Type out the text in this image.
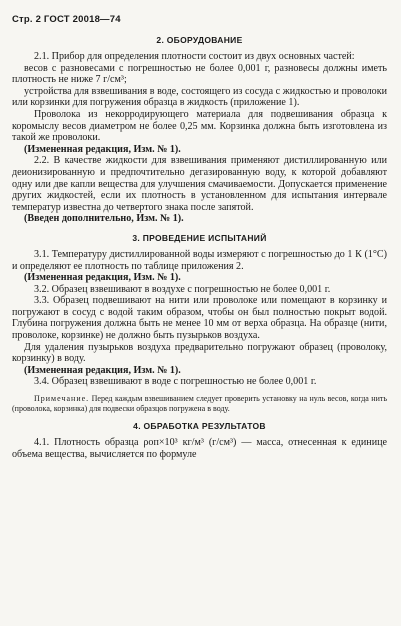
Стр. 2 ГОСТ 20018—74
2. ОБОРУДОВАНИЕ

2.1. Прибор для определения плотности состоит из двух основных частей:

весов с разновесами с погрешностью не более 0,001 г, разновесы должны иметь плотность не ниже 7 г/см³;

устройства для взвешивания в воде, состоящего из сосуда с жидкостью и проволоки или корзинки для погружения образца в жидкость (приложение 1).

Проволока из некорродирующего материала для подвешивания образца к коромыслу весов диаметром не более 0,25 мм. Корзинка должна быть изготовлена из такой же проволоки.

(Измененная редакция, Изм. № 1).

2.2. В качестве жидкости для взвешивания применяют дистиллированную или деионизированную и предпочтительно дегазированную воду, к которой добавляют одну или две капли вещества для улучшения смачиваемости. Допускается применение других жидкостей, если их плотность в установленном для испытания интервале температур известна до четвертого знака после запятой.

(Введен дополнительно, Изм. № 1).

3. ПРОВЕДЕНИЕ ИСПЫТАНИЙ

3.1. Температуру дистиллированной воды измеряют с погрешностью до 1 К (1°С) и определяют ее плотность по таблице приложения 2.

(Измененная редакция, Изм. № 1).

3.2. Образец взвешивают в воздухе с погрешностью не более 0,001 г.

3.3. Образец подвешивают на нити или проволоке или помещают в корзинку и погружают в сосуд с водой таким образом, чтобы он был полностью покрыт водой. Глубина погружения должна быть не менее 10 мм от верха образца. На образце (нити, проволоке, корзинке) не должно быть пузырьков воздуха.

Для удаления пузырьков воздуха предварительно погружают образец (проволоку, корзинку) в воду.

(Измененная редакция, Изм. № 1).

3.4. Образец взвешивают в воде с погрешностью не более 0,001 г.

Примечание. Перед каждым взвешиванием следует проверить установку на нуль весов, когда нить (проволока, корзинка) для подвески образцов погружена в воду.

4. ОБРАБОТКА РЕЗУЛЬТАТОВ

4.1. Плотность образца ρоп×10³ кг/м³ (г/см³) — масса, отнесенная к единице объема вещества, вычисляется по формуле
